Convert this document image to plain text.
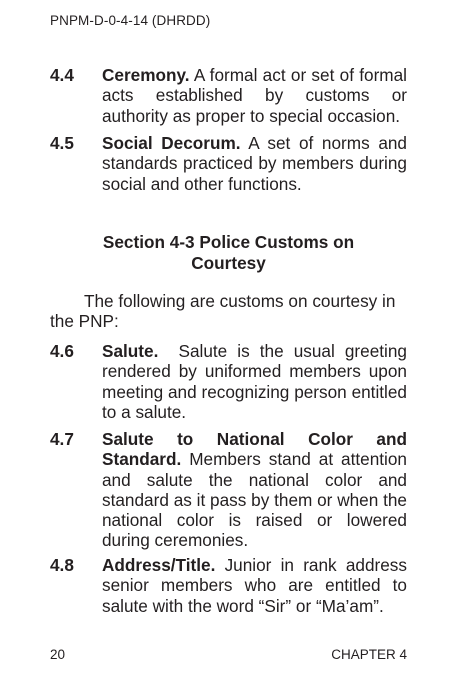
PNPM-D-0-4-14 (DHRDD)
4.4 Ceremony. A formal act or set of formal acts established by customs or authority as proper to special occasion.
4.5 Social Decorum. A set of norms and standards practiced by members during social and other functions.
Section 4-3 Police Customs on
Courtesy
The following are customs on courtesy in the PNP:
4.6 Salute.  Salute is the usual greeting rendered by uniformed members upon meeting and recognizing person entitled to a salute.
4.7 Salute to National Color and Standard. Members stand at attention and salute the national color and standard as it pass by them or when the national color is raised or lowered during ceremonies.
4.8 Address/Title. Junior in rank address senior members who are entitled to salute with the word “Sir” or “Ma’am”.
20	CHAPTER 4
